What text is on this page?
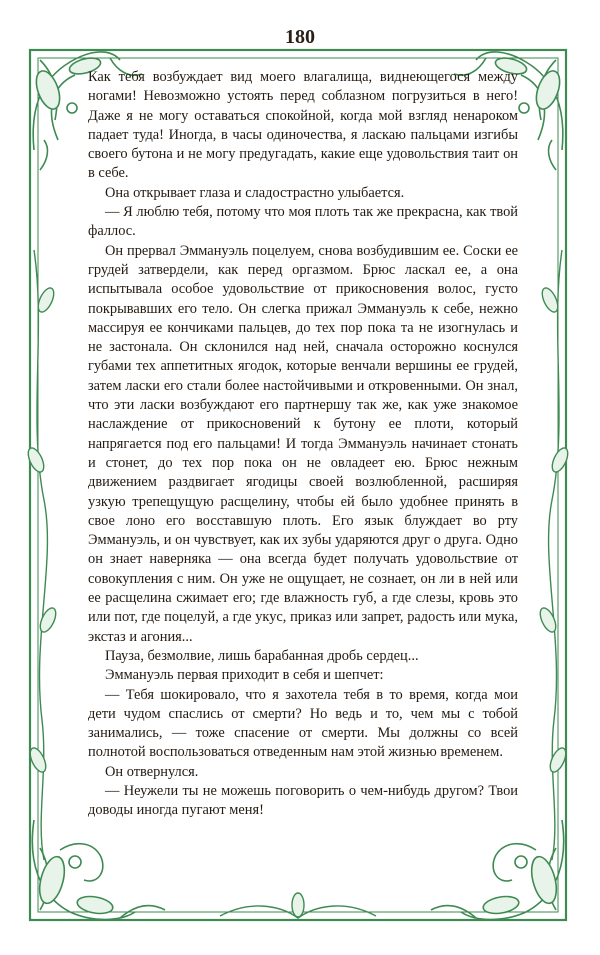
180

Как тебя возбуждает вид моего влагалища, виднеющегося между ногами! Невозможно устоять перед соблазном погрузиться в него! Даже я не могу оставаться спокойной, когда мой взгляд ненароком падает туда! Иногда, в часы одиночества, я ласкаю пальцами изгибы своего бутона и не могу предугадать, какие еще удовольствия таит он в себе.

Она открывает глаза и сладострастно улыбается.

— Я люблю тебя, потому что моя плоть так же прекрасна, как твой фаллос.

Он прервал Эммануэль поцелуем, снова возбудившим ее. Соски ее грудей затвердели, как перед оргазмом. Брюс ласкал ее, а она испытывала особое удовольствие от прикосновения волос, густо покрывавших его тело. Он слегка прижал Эммануэль к себе, нежно массируя ее кончиками пальцев, до тех пор пока та не изогнулась и не застонала. Он склонился над ней, сначала осторожно коснулся губами тех аппетитных ягодок, которые венчали вершины ее грудей, затем ласки его стали более настойчивыми и откровенными. Он знал, что эти ласки возбуждают его партнершу так же, как уже знакомое наслаждение от прикосновений к бутону ее плоти, который напрягается под его пальцами! И тогда Эммануэль начинает стонать и стонет, до тех пор пока он не овладеет ею. Брюс нежным движением раздвигает ягодицы своей возлюбленной, расширяя узкую трепещущую расщелину, чтобы ей было удобнее принять в свое лоно его восставшую плоть. Его язык блуждает во рту Эммануэль, и он чувствует, как их зубы ударяются друг о друга. Одно он знает наверняка — она всегда будет получать удовольствие от совокупления с ним. Он уже не ощущает, не сознает, он ли в ней или ее расщелина сжимает его; где влажность губ, а где слезы, кровь это или пот, где поцелуй, а где укус, приказ или запрет, радость или мука, экстаз и агония...

Пауза, безмолвие, лишь барабанная дробь сердец...

Эммануэль первая приходит в себя и шепчет:

— Тебя шокировало, что я захотела тебя в то время, когда мои дети чудом спаслись от смерти? Но ведь и то, чем мы с тобой занимались, — тоже спасение от смерти. Мы должны со всей полнотой воспользоваться отведенным нам этой жизнью временем.

Он отвернулся.

— Неужели ты не можешь поговорить о чем-нибудь другом? Твои доводы иногда пугают меня!
